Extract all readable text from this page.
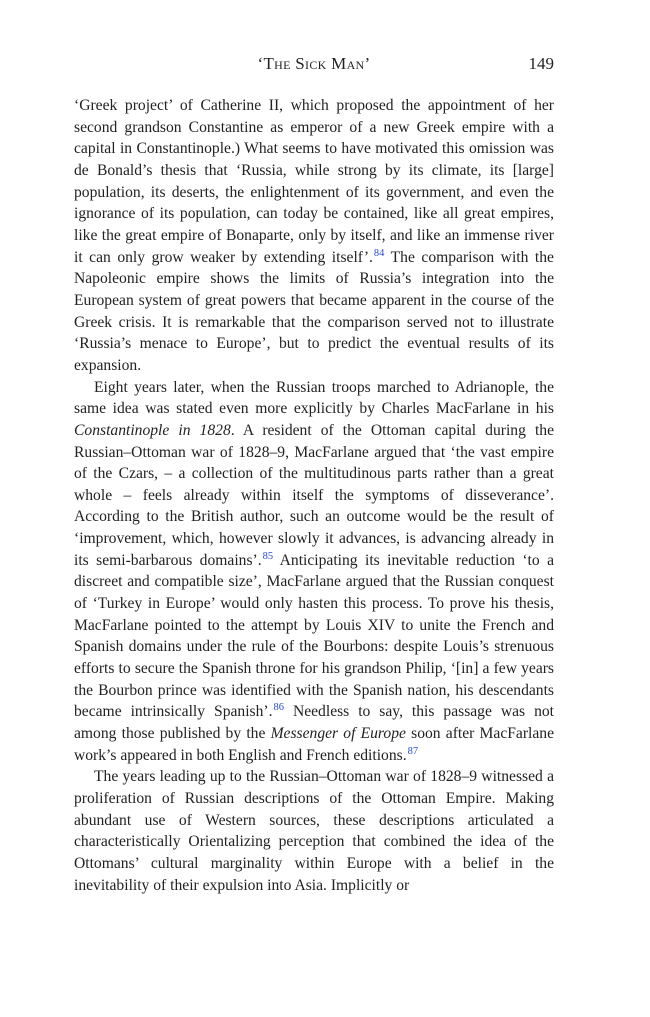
‘The Sick Man’	149

‘Greek project’ of Catherine II, which proposed the appointment of her second grandson Constantine as emperor of a new Greek empire with a capital in Constantinople.) What seems to have motivated this omission was de Bonald’s thesis that ‘Russia, while strong by its climate, its [large] population, its deserts, the enlightenment of its government, and even the ignorance of its population, can today be contained, like all great empires, like the great empire of Bonaparte, only by itself, and like an immense river it can only grow weaker by extending itself’.$^{84}$ The comparison with the Napoleonic empire shows the limits of Russia’s integration into the European system of great powers that became apparent in the course of the Greek crisis. It is remarkable that the comparison served not to illustrate ‘Russia’s menace to Europe’, but to predict the eventual results of its expansion.

Eight years later, when the Russian troops marched to Adrianople, the same idea was stated even more explicitly by Charles MacFarlane in his Constantinople in 1828. A resident of the Ottoman capital during the Russian–Ottoman war of 1828–9, MacFarlane argued that ‘the vast empire of the Czars, – a collection of the multitudinous parts rather than a great whole – feels already within itself the symptoms of disseverance’. According to the British author, such an outcome would be the result of ‘improvement, which, however slowly it advances, is advancing already in its semi-barbarous domains’.$^{85}$ Anticipating its inevitable reduction ‘to a discreet and compatible size’, MacFarlane argued that the Russian conquest of ‘Turkey in Europe’ would only hasten this process. To prove his thesis, MacFarlane pointed to the attempt by Louis XIV to unite the French and Spanish domains under the rule of the Bourbons: despite Louis’s strenuous efforts to secure the Spanish throne for his grandson Philip, ‘[in] a few years the Bourbon prince was identified with the Spanish nation, his descendants became intrinsically Spanish’.$^{86}$ Needless to say, this passage was not among those published by the Messenger of Europe soon after MacFarlane work’s appeared in both English and French editions.$^{87}$

The years leading up to the Russian–Ottoman war of 1828–9 witnessed a proliferation of Russian descriptions of the Ottoman Empire. Making abundant use of Western sources, these descriptions articulated a characteristically Orientalizing perception that combined the idea of the Ottomans’ cultural marginality within Europe with a belief in the inevitability of their expulsion into Asia. Implicitly or
